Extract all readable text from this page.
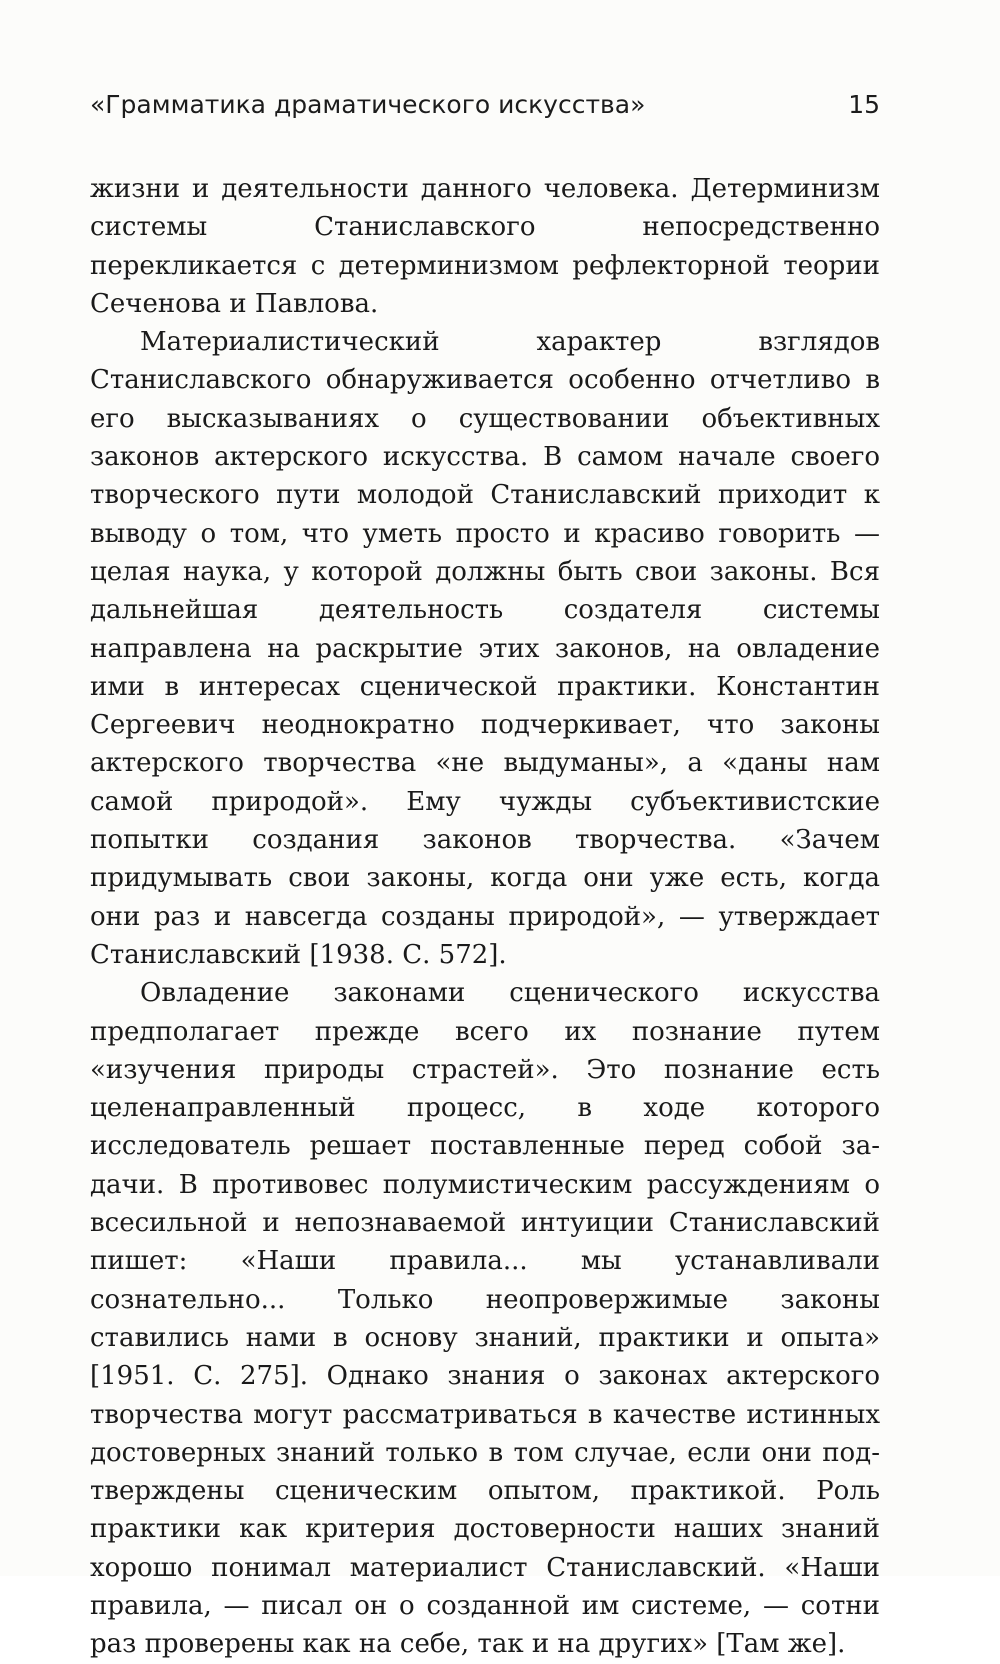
«Грамматика драматического искусства»	15

жизни и деятельности данного человека. Детерминизм системы Станиславского непосредственно перекликается с детерминизмом рефлекторной теории Сеченова и Павлова.

Материалистический характер взглядов Станиславского обнаруживается особенно отчетливо в его высказываниях о существовании объективных законов актерского искусства. В самом начале своего творческого пути молодой Станиславский приходит к выводу о том, что уметь просто и красиво говорить — целая наука, у которой должны быть свои законы. Вся дальнейшая деятельность создателя системы направлена на раскрытие этих законов, на овладение ими в интересах сценической практики. Константин Сергеевич неоднократно подчеркивает, что законы актерского творчества «не выдуманы», а «даны нам самой природой». Ему чужды субъективистские попытки создания законов творчества. «Зачем придумывать свои законы, когда они уже есть, когда они раз и навсегда созданы природой», — утверждает Станиславский [1938. С. 572].

Овладение законами сценического искусства предполагает прежде всего их познание путем «изучения природы страстей». Это познание есть целенаправленный процесс, в ходе которого исследователь решает поставленные перед собой задачи. В противовес полумистическим рассуждениям о всесильной и непознаваемой интуиции Станиславский пишет: «Наши правила... мы устанавливали сознательно... Только неопровержимые законы ставились нами в основу знаний, практики и опыта» [1951. С. 275]. Однако знания о законах актерского творчества могут рассматриваться в качестве истинных достоверных знаний только в том случае, если они подтверждены сценическим опытом, практикой. Роль практики как критерия достоверности наших знаний хорошо понимал материалист Станиславский. «Наши правила, — писал он о созданной им системе, — сотни раз проверены как на себе, так и на других» [Там же].
